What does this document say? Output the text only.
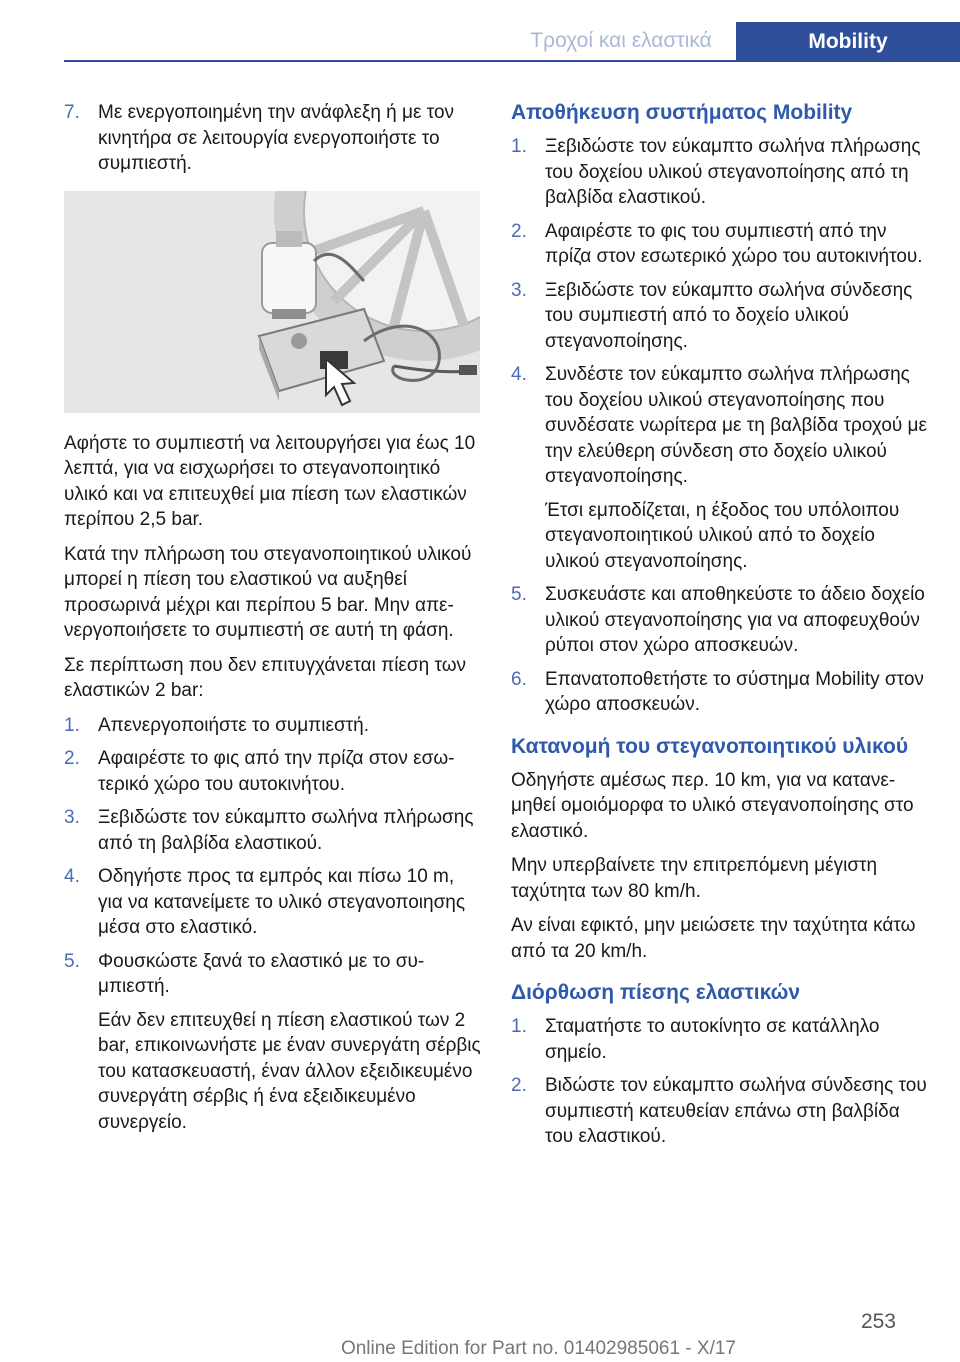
Τροχοί και ελαστικά	Mobility
7. Με ενεργοποιημένη την ανάφλεξη ή με τον κινητήρα σε λειτουργία ενεργοποιήστε το συμπιεστή.

Αφήστε το συμπιεστή να λειτουργήσει για έως 10 λεπτά, για να εισχωρήσει το στεγανοποιητικό υλικό και να επιτευχθεί μια πίεση των ελαστικών περίπου 2,5 bar.

Κατά την πλήρωση του στεγανοποιητικού υλικού μπορεί η πίεση του ελαστικού να αυξηθεί προσωρινά μέχρι και περίπου 5 bar. Μην απενεργοποιήσετε το συμπιεστή σε αυτή τη φάση.

Σε περίπτωση που δεν επιτυγχάνεται πίεση των ελαστικών 2 bar:

1. Απενεργοποιήστε το συμπιεστή.
2. Αφαιρέστε το φις από την πρίζα στον εσωτερικό χώρο του αυτοκινήτου.
3. Ξεβιδώστε τον εύκαμπτο σωλήνα πλήρωσης από τη βαλβίδα ελαστικού.
4. Οδηγήστε προς τα εμπρός και πίσω 10 m, για να κατανείμετε το υλικό στεγανοποιησης μέσα στο ελαστικό.
5. Φουσκώστε ξανά το ελαστικό με το συμπιεστή.

Εάν δεν επιτευχθεί η πίεση ελαστικού των 2 bar, επικοινωνήστε με έναν συνεργάτη σέρβις του κατασκευαστή, έναν άλλον εξειδικευμένο συνεργάτη σέρβις ή ένα εξειδικευμένο συνεργείο.

Αποθήκευση συστήματος Mobility
1. Ξεβιδώστε τον εύκαμπτο σωλήνα πλήρωσης του δοχείου υλικού στεγανοποίησης από τη βαλβίδα ελαστικού.
2. Αφαιρέστε το φις του συμπιεστή από την πρίζα στον εσωτερικό χώρο του αυτοκινήτου.
3. Ξεβιδώστε τον εύκαμπτο σωλήνα σύνδεσης του συμπιεστή από το δοχείο υλικού στεγανοποίησης.
4. Συνδέστε τον εύκαμπτο σωλήνα πλήρωσης του δοχείου υλικού στεγανοποίησης που συνδέσατε νωρίτερα με τη βαλβίδα τροχού με την ελεύθερη σύνδεση στο δοχείο υλικού στεγανοποίησης.

Έτσι εμποδίζεται, η έξοδος του υπόλοιπου στεγανοποιητικού υλικού από το δοχείο υλικού στεγανοποίησης.

5. Συσκευάστε και αποθηκεύστε το άδειο δοχείο υλικού στεγανοποίησης για να αποφευχθούν ρύποι στον χώρο αποσκευών.
6. Επανατοποθετήστε το σύστημα Mobility στον χώρο αποσκευών.
Κατανομή του στεγανοποιητικού υλικού

Οδηγήστε αμέσως περ. 10 km, για να κατανεμηθεί ομοιόμορφα το υλικό στεγανοποίησης στο ελαστικό.

Μην υπερβαίνετε την επιτρεπόμενη μέγιστη ταχύτητα των 80 km/h.

Αν είναι εφικτό, μην μειώσετε την ταχύτητα κάτω από τα 20 km/h.

Διόρθωση πίεσης ελαστικών
1. Σταματήστε το αυτοκίνητο σε κατάλληλο σημείο.
2. Βιδώστε τον εύκαμπτο σωλήνα σύνδεσης του συμπιεστή κατευθείαν επάνω στη βαλβίδα του ελαστικού.
253
Online Edition for Part no. 01402985061 - X/17
